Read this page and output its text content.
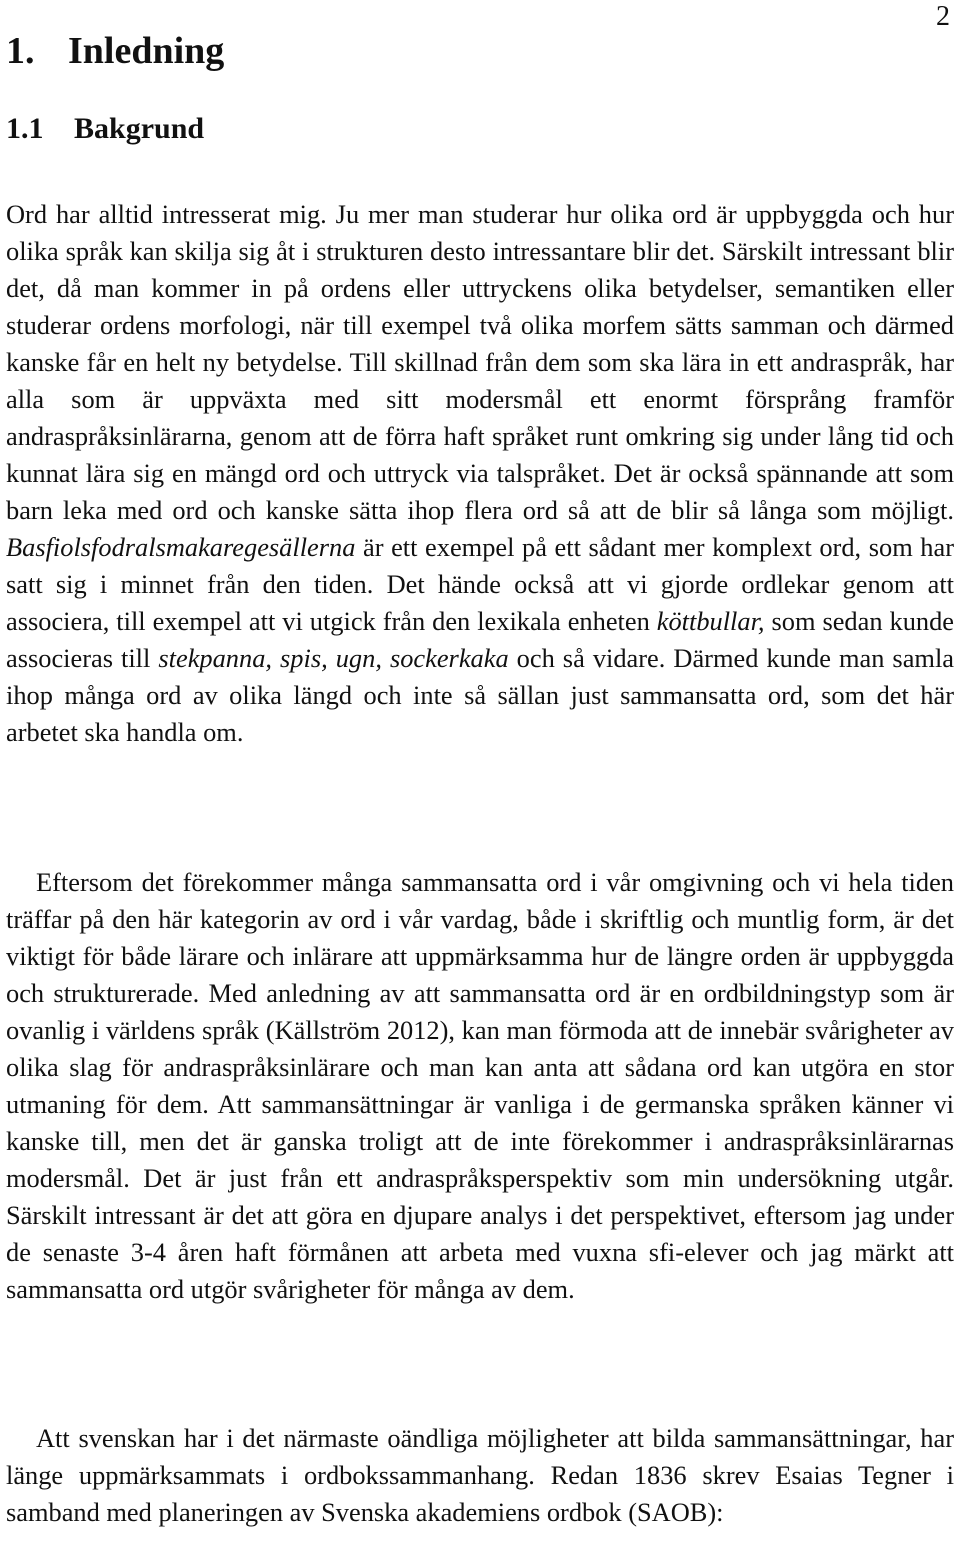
2
1. Inledning
1.1 Bakgrund

Ord har alltid intresserat mig. Ju mer man studerar hur olika ord är uppbyggda och hur olika språk kan skilja sig åt i strukturen desto intressantare blir det. Särskilt intressant blir det, då man kommer in på ordens eller uttryckens olika betydelser, semantiken eller studerar ordens morfologi, när till exempel två olika morfem sätts samman och därmed kanske får en helt ny betydelse. Till skillnad från dem som ska lära in ett andraspråk, har alla som är uppväxta med sitt modersmål ett enormt försprång framför andraspråksinlärarna, genom att de förra haft språket runt omkring sig under lång tid och kunnat lära sig en mängd ord och uttryck via talspråket. Det är också spännande att som barn leka med ord och kanske sätta ihop flera ord så att de blir så långa som möjligt. Basfiolsfodralsmakaregesällerna är ett exempel på ett sådant mer komplext ord, som har satt sig i minnet från den tiden. Det hände också att vi gjorde ordlekar genom att associera, till exempel att vi utgick från den lexikala enheten köttbullar, som sedan kunde associeras till stekpanna, spis, ugn, sockerkaka och så vidare. Därmed kunde man samla ihop många ord av olika längd och inte så sällan just sammansatta ord, som det här arbetet ska handla om.

Eftersom det förekommer många sammansatta ord i vår omgivning och vi hela tiden träffar på den här kategorin av ord i vår vardag, både i skriftlig och muntlig form, är det viktigt för både lärare och inlärare att uppmärksamma hur de längre orden är uppbyggda och strukturerade. Med anledning av att sammansatta ord är en ordbildningstyp som är ovanlig i världens språk (Källström 2012), kan man förmoda att de innebär svårigheter av olika slag för andraspråksinlärare och man kan anta att sådana ord kan utgöra en stor utmaning för dem. Att sammansättningar är vanliga i de germanska språken känner vi kanske till, men det är ganska troligt att de inte förekommer i andraspråksinlärarnas modersmål. Det är just från ett andraspråksperspektiv som min undersökning utgår. Särskilt intressant är det att göra en djupare analys i det perspektivet, eftersom jag under de senaste 3-4 åren haft förmånen att arbeta med vuxna sfi-elever och jag märkt att sammansatta ord utgör svårigheter för många av dem.

Att svenskan har i det närmaste oändliga möjligheter att bilda sammansättningar, har länge uppmärksammats i ordbokssammanhang. Redan 1836 skrev Esaias Tegner i samband med planeringen av Svenska akademiens ordbok (SAOB):
